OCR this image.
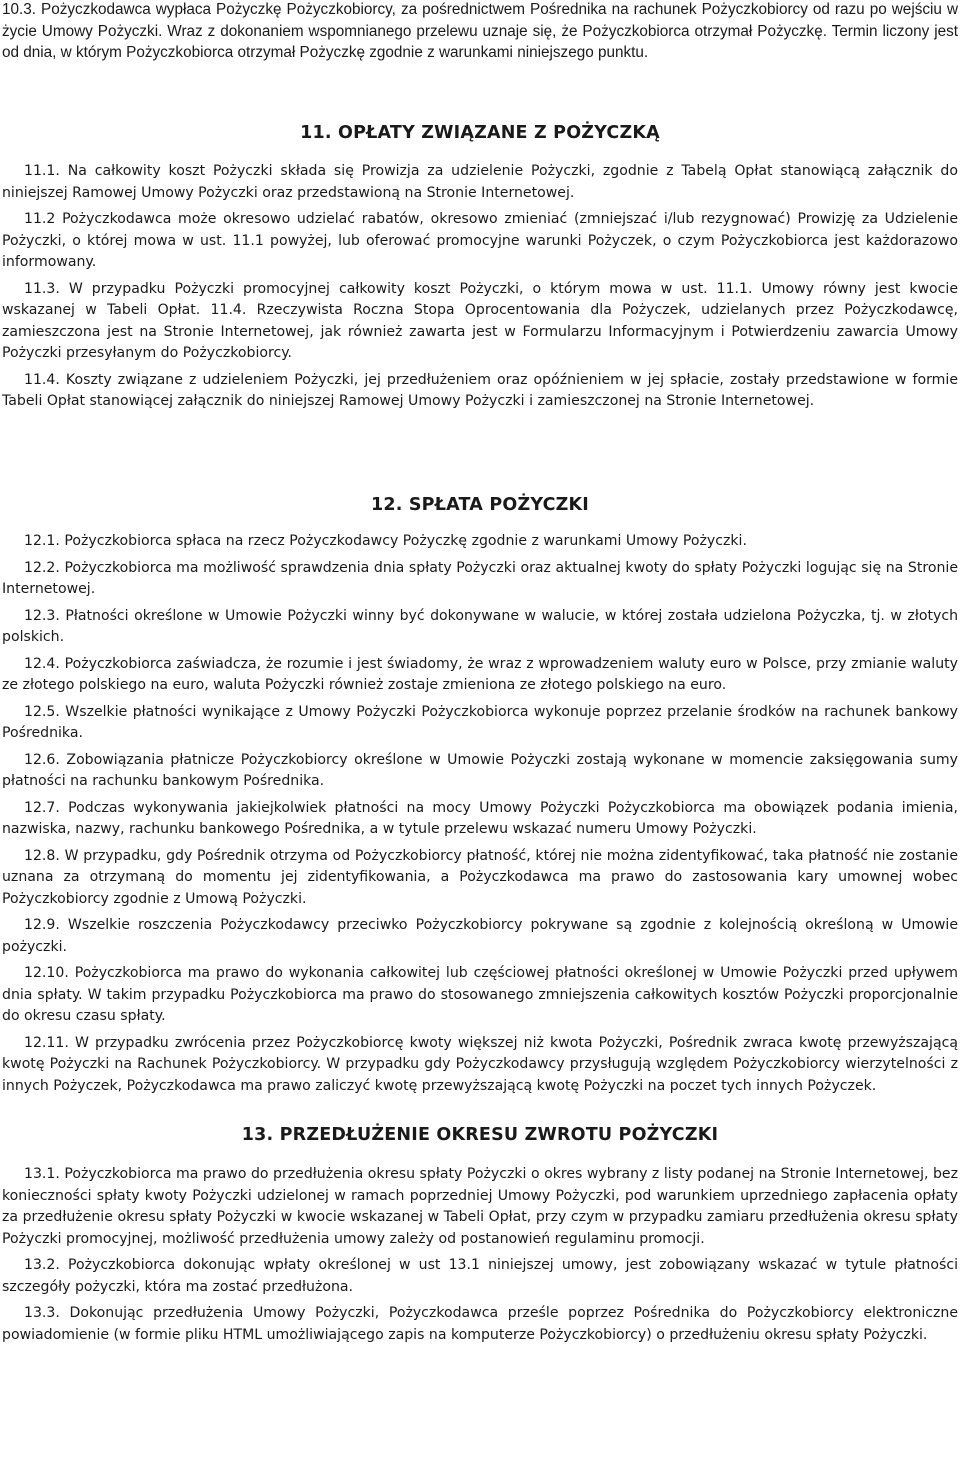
10.3. Pożyczkodawca wypłaca Pożyczkę Pożyczkobiorcy, za pośrednictwem Pośrednika na rachunek Pożyczkobiorcy od razu po wejściu w życie Umowy Pożyczki. Wraz z dokonaniem wspomnianego przelewu uznaje się, że Pożyczkobiorca otrzymał Pożyczkę. Termin liczony jest od dnia, w którym Pożyczkobiorca otrzymał Pożyczkę zgodnie z warunkami niniejszego punktu.
11. OPŁATY ZWIĄZANE Z POŻYCZKĄ
11.1. Na całkowity koszt Pożyczki składa się Prowizja za udzielenie Pożyczki, zgodnie z Tabelą Opłat stanowiącą załącznik do niniejszej Ramowej Umowy Pożyczki oraz przedstawioną na Stronie Internetowej.
11.2 Pożyczkodawca może okresowo udzielać rabatów, okresowo zmieniać (zmniejszać i/lub rezygnować) Prowizję za Udzielenie Pożyczki, o której mowa w ust. 11.1 powyżej, lub oferować promocyjne warunki Pożyczek, o czym Pożyczkobiorca jest każdorazowo informowany.
11.3. W przypadku Pożyczki promocyjnej całkowity koszt Pożyczki, o którym mowa w ust. 11.1. Umowy równy jest kwocie wskazanej w Tabeli Opłat. 11.4. Rzeczywista Roczna Stopa Oprocentowania dla Pożyczek, udzielanych przez Pożyczkodawcę, zamieszczona jest na Stronie Internetowej, jak również zawarta jest w Formularzu Informacyjnym i Potwierdzeniu zawarcia Umowy Pożyczki przesyłanym do Pożyczkobiorcy.
11.4. Koszty związane z udzieleniem Pożyczki, jej przedłużeniem oraz opóźnieniem w jej spłacie, zostały przedstawione w formie Tabeli Opłat stanowiącej załącznik do niniejszej Ramowej Umowy Pożyczki i zamieszczonej na Stronie Internetowej.
12. SPŁATA POŻYCZKI
12.1. Pożyczkobiorca spłaca na rzecz Pożyczkodawcy Pożyczkę zgodnie z warunkami Umowy Pożyczki.
12.2. Pożyczkobiorca ma możliwość sprawdzenia dnia spłaty Pożyczki oraz aktualnej kwoty do spłaty Pożyczki logując się na Stronie Internetowej.
12.3. Płatności określone w Umowie Pożyczki winny być dokonywane w walucie, w której została udzielona Pożyczka, tj. w złotych polskich.
12.4. Pożyczkobiorca zaświadcza, że rozumie i jest świadomy, że wraz z wprowadzeniem waluty euro w Polsce, przy zmianie waluty ze złotego polskiego na euro, waluta Pożyczki również zostaje zmieniona ze złotego polskiego na euro.
12.5. Wszelkie płatności wynikające z Umowy Pożyczki Pożyczkobiorca wykonuje poprzez przelanie środków na rachunek bankowy Pośrednika.
12.6. Zobowiązania płatnicze Pożyczkobiorcy określone w Umowie Pożyczki zostają wykonane w momencie zaksięgowania sumy płatności na rachunku bankowym Pośrednika.
12.7. Podczas wykonywania jakiejkolwiek płatności na mocy Umowy Pożyczki Pożyczkobiorca ma obowiązek podania imienia, nazwiska, nazwy, rachunku bankowego Pośrednika, a w tytule przelewu wskazać numeru Umowy Pożyczki.
12.8. W przypadku, gdy Pośrednik otrzyma od Pożyczkobiorcy płatność, której nie można zidentyfikować, taka płatność nie zostanie uznana za otrzymaną do momentu jej zidentyfikowania, a Pożyczkodawca ma prawo do zastosowania kary umownej wobec Pożyczkobiorcy zgodnie z Umową Pożyczki.
12.9. Wszelkie roszczenia Pożyczkodawcy przeciwko Pożyczkobiorcy pokrywane są zgodnie z kolejnością określoną w Umowie pożyczki.
12.10. Pożyczkobiorca ma prawo do wykonania całkowitej lub częściowej płatności określonej w Umowie Pożyczki przed upływem dnia spłaty. W takim przypadku Pożyczkobiorca ma prawo do stosowanego zmniejszenia całkowitych kosztów Pożyczki proporcjonalnie do okresu czasu spłaty.
12.11. W przypadku zwrócenia przez Pożyczkobiorcę kwoty większej niż kwota Pożyczki, Pośrednik zwraca kwotę przewyższającą kwotę Pożyczki na Rachunek Pożyczkobiorcy. W przypadku gdy Pożyczkodawcy przysługują względem Pożyczkobiorcy wierzytelności z innych Pożyczek, Pożyczkodawca ma prawo zaliczyć kwotę przewyższającą kwotę Pożyczki na poczet tych innych Pożyczek.
13. PRZEDŁUŻENIE OKRESU ZWROTU POŻYCZKI
13.1. Pożyczkobiorca ma prawo do przedłużenia okresu spłaty Pożyczki o okres wybrany z listy podanej na Stronie Internetowej, bez konieczności spłaty kwoty Pożyczki udzielonej w ramach poprzedniej Umowy Pożyczki, pod warunkiem uprzedniego zapłacenia opłaty za przedłużenie okresu spłaty Pożyczki w kwocie wskazanej w Tabeli Opłat, przy czym w przypadku zamiaru przedłużenia okresu spłaty Pożyczki promocyjnej, możliwość przedłużenia umowy zależy od postanowień regulaminu promocji.
13.2. Pożyczkobiorca dokonując wpłaty określonej w ust 13.1 niniejszej umowy, jest zobowiązany wskazać w tytule płatności szczegóły pożyczki, która ma zostać przedłużona.
13.3. Dokonując przedłużenia Umowy Pożyczki, Pożyczkodawca prześle poprzez Pośrednika do Pożyczkobiorcy elektroniczne powiadomienie (w formie pliku HTML umożliwiającego zapis na komputerze Pożyczkobiorcy) o przedłużeniu okresu spłaty Pożyczki.
